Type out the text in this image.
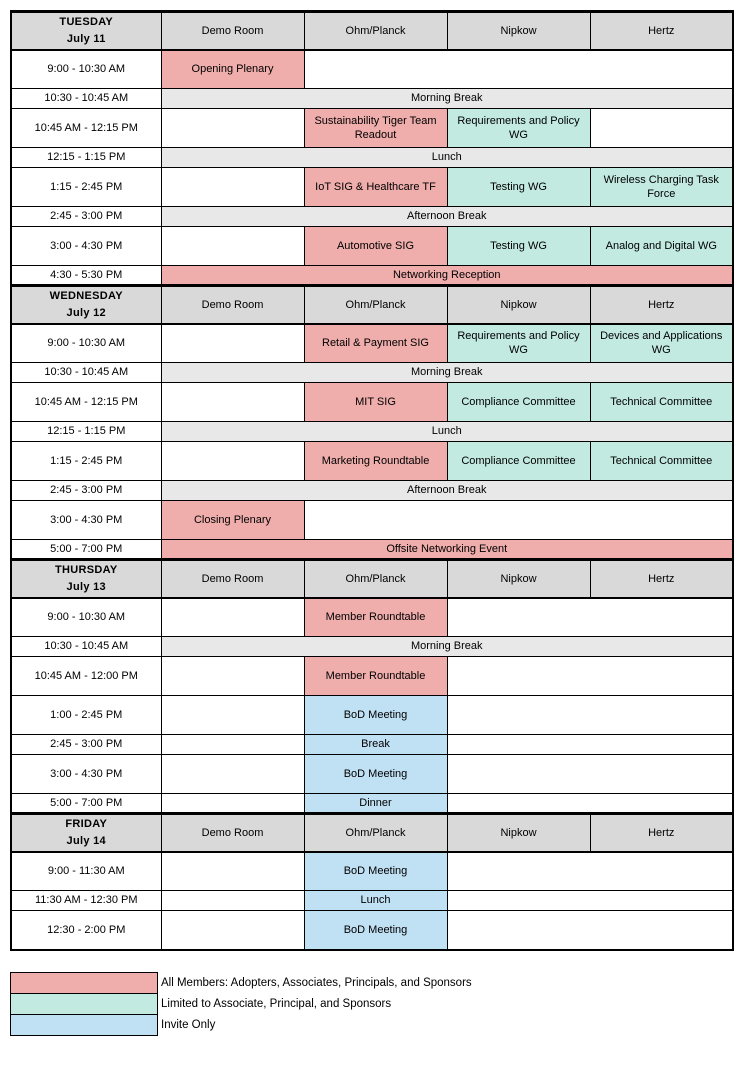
TUESDAY
July 11	Demo Room	Ohm/Planck	Nipkow	Hertz
9:00 - 10:30 AM	Opening Plenary			
10:30 - 10:45 AM	Morning Break			
10:45 AM - 12:15 PM		Sustainability Tiger Team Readout	Requirements and Policy WG	
12:15 - 1:15 PM	Lunch			
1:15 - 2:45 PM		IoT SIG & Healthcare TF	Testing WG	Wireless Charging Task Force
2:45 - 3:00 PM	Afternoon Break			
3:00 - 4:30 PM		Automotive SIG	Testing WG	Analog and Digital WG
4:30 - 5:30 PM	Networking Reception			

WEDNESDAY
July 12	Demo Room	Ohm/Planck	Nipkow	Hertz
9:00 - 10:30 AM		Retail & Payment SIG	Requirements and Policy WG	Devices and Applications WG
10:30 - 10:45 AM	Morning Break			
10:45 AM - 12:15 PM		MIT SIG	Compliance Committee	Technical Committee
12:15 - 1:15 PM	Lunch			
1:15 - 2:45 PM		Marketing Roundtable	Compliance Committee	Technical Committee
2:45 - 3:00 PM	Afternoon Break			
3:00 - 4:30 PM	Closing Plenary			
5:00 - 7:00 PM	Offsite Networking Event			

THURSDAY
July 13	Demo Room	Ohm/Planck	Nipkow	Hertz
9:00 - 10:30 AM		Member Roundtable		
10:30 - 10:45 AM	Morning Break			
10:45 AM - 12:00 PM		Member Roundtable		
1:00 - 2:45 PM		BoD Meeting		
2:45 - 3:00 PM		Break		
3:00 - 4:30 PM		BoD Meeting		
5:00 - 7:00 PM		Dinner		

FRIDAY
July 14	Demo Room	Ohm/Planck	Nipkow	Hertz
9:00 - 11:30 AM		BoD Meeting		
11:30 AM - 12:30 PM		Lunch		
12:30 - 2:00 PM		BoD Meeting		
All Members: Adopters, Associates, Principals, and Sponsors
Limited to Associate, Principal, and Sponsors
Invite Only
